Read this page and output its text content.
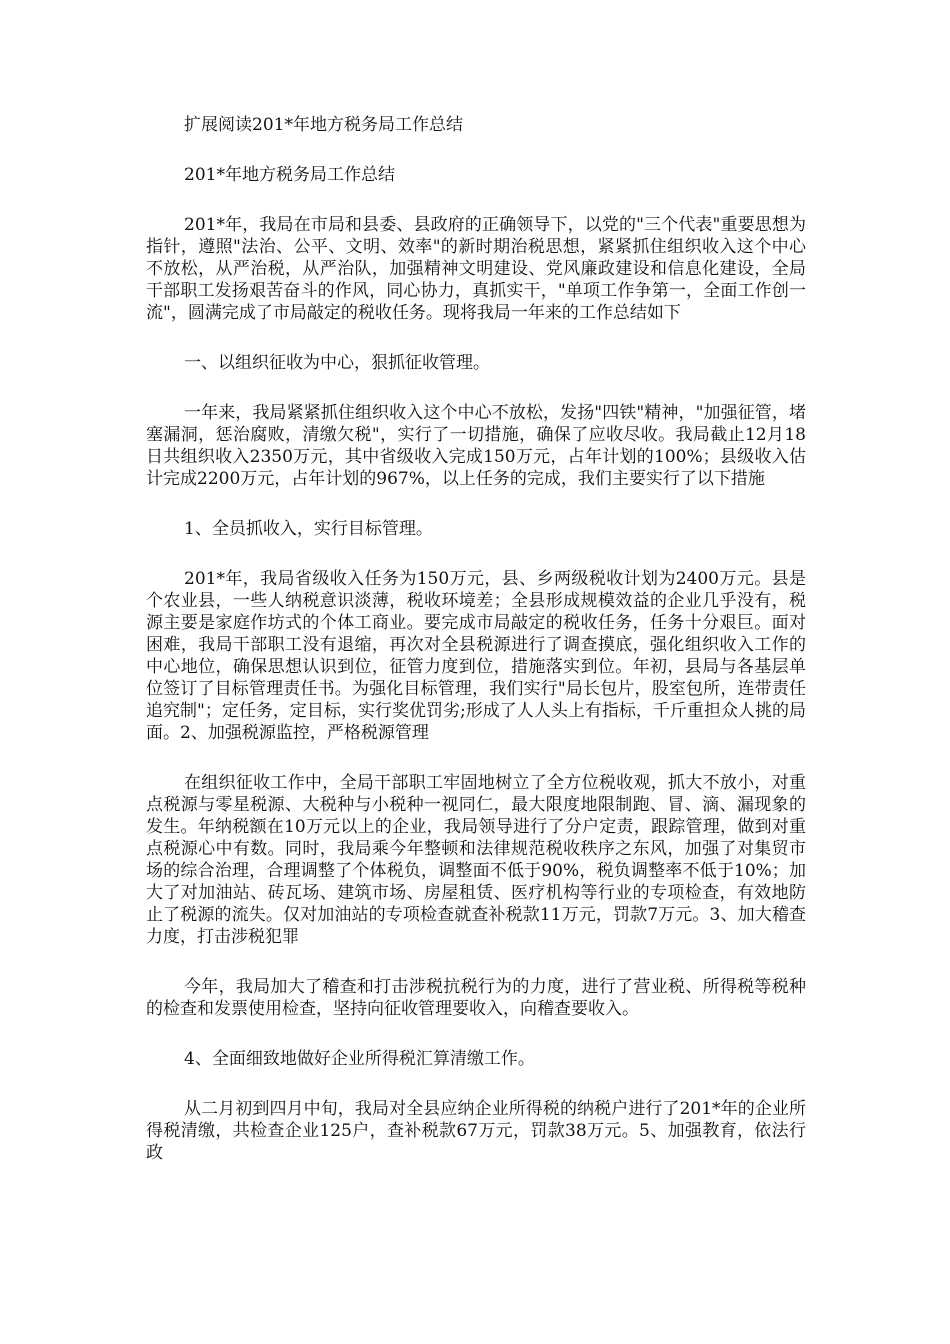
扩展阅读201*年地方税务局工作总结

201*年地方税务局工作总结

201*年，我局在市局和县委、县政府的正确领导下，以党的"三个代表"重要思想为指针，遵照"法治、公平、文明、效率"的新时期治税思想，紧紧抓住组织收入这个中心不放松，从严治税，从严治队，加强精神文明建设、党风廉政建设和信息化建设，全局干部职工发扬艰苦奋斗的作风，同心协力，真抓实干，"单项工作争第一，全面工作创一流"，圆满完成了市局敲定的税收任务。现将我局一年来的工作总结如下

一、以组织征收为中心，狠抓征收管理。

一年来，我局紧紧抓住组织收入这个中心不放松，发扬"四铁"精神，"加强征管，堵塞漏洞，惩治腐败，清缴欠税"，实行了一切措施，确保了应收尽收。我局截止12月18日共组织收入2350万元，其中省级收入完成150万元，占年计划的100%；县级收入估计完成2200万元，占年计划的967%，以上任务的完成，我们主要实行了以下措施

1、全员抓收入，实行目标管理。

201*年，我局省级收入任务为150万元，县、乡两级税收计划为2400万元。县是个农业县，一些人纳税意识淡薄，税收环境差；全县形成规模效益的企业几乎没有，税源主要是家庭作坊式的个体工商业。要完成市局敲定的税收任务，任务十分艰巨。面对困难，我局干部职工没有退缩，再次对全县税源进行了调查摸底，强化组织收入工作的中心地位，确保思想认识到位，征管力度到位，措施落实到位。年初，县局与各基层单位签订了目标管理责任书。为强化目标管理，我们实行"局长包片，股室包所，连带责任追究制"；定任务，定目标，实行奖优罚劣;形成了人人头上有指标，千斤重担众人挑的局面。2、加强税源监控，严格税源管理

在组织征收工作中，全局干部职工牢固地树立了全方位税收观，抓大不放小，对重点税源与零星税源、大税种与小税种一视同仁，最大限度地限制跑、冒、滴、漏现象的发生。年纳税额在10万元以上的企业，我局领导进行了分户定责，跟踪管理，做到对重点税源心中有数。同时，我局乘今年整顿和法律规范税收秩序之东风，加强了对集贸市场的综合治理，合理调整了个体税负，调整面不低于90%，税负调整率不低于10%；加大了对加油站、砖瓦场、建筑市场、房屋租赁、医疗机构等行业的专项检查，有效地防止了税源的流失。仅对加油站的专项检查就查补税款11万元，罚款7万元。3、加大稽查力度，打击涉税犯罪

今年，我局加大了稽查和打击涉税抗税行为的力度，进行了营业税、所得税等税种的检查和发票使用检查，坚持向征收管理要收入，向稽查要收入。

4、全面细致地做好企业所得税汇算清缴工作。

从二月初到四月中旬，我局对全县应纳企业所得税的纳税户进行了201*年的企业所得税清缴，共检查企业125户，查补税款67万元，罚款38万元。5、加强教育，依法行政
